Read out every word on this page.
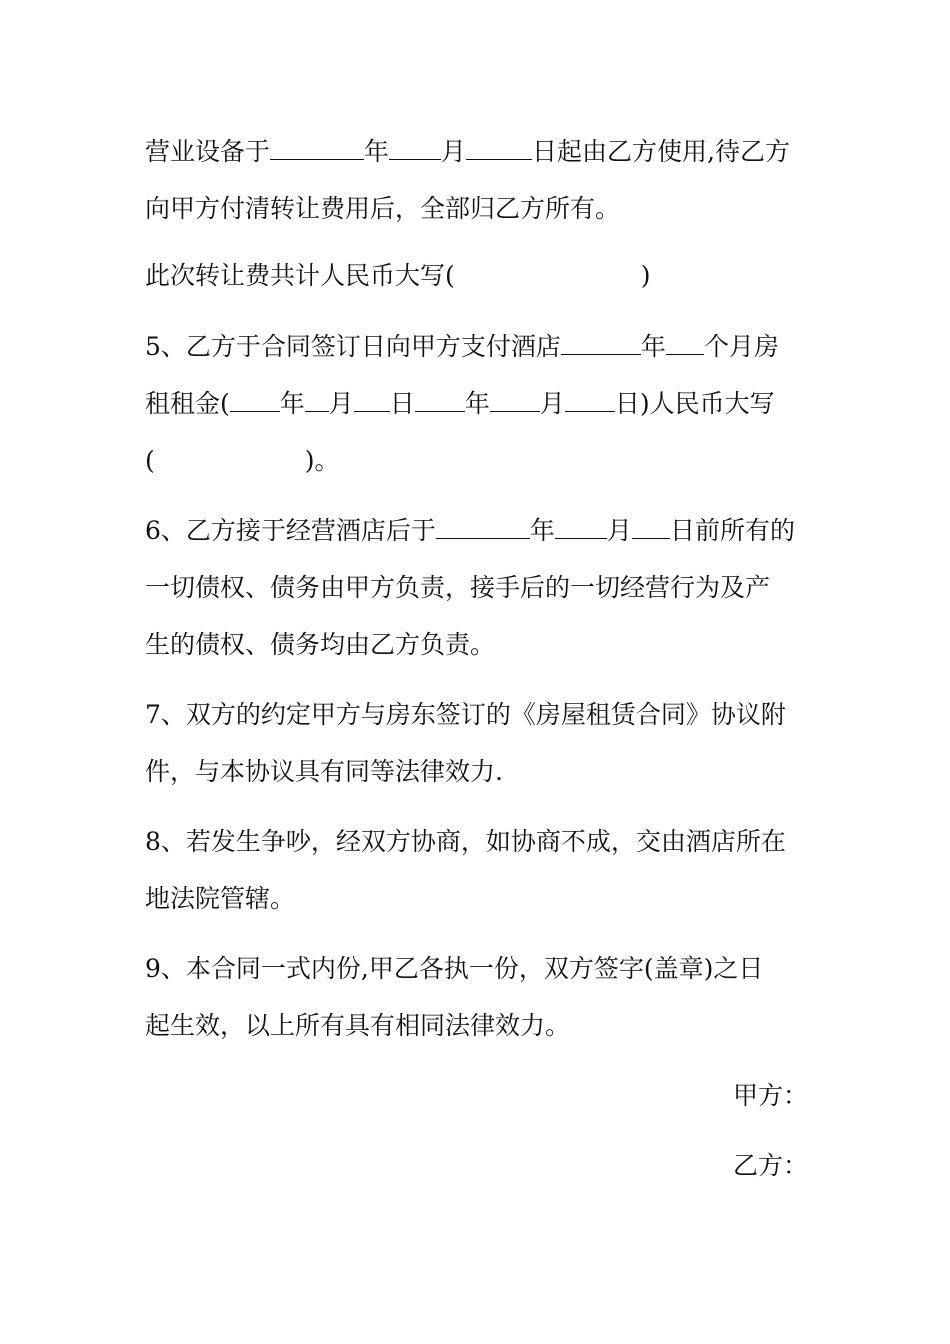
营业设备于	年 月	日起由乙方使用,待乙方
向甲方付清转让费用后，全部归乙方所有。
此次转让费共计人民币大写(	)
5、乙方于合同签订日向甲方支付酒店	年 个月房
租租金( 年 月 日 年 月 日)人民币大写
(	)。
6、乙方接于经营酒店后于	年 月 日前所有的
一切债权、债务由甲方负责，接手后的一切经营行为及产
生的债权、债务均由乙方负责。
7、双方的约定甲方与房东签订的《房屋租赁合同》协议附
件，与本协议具有同等法律效力.
8、若发生争吵，经双方协商，如协商不成，交由酒店所在
地法院管辖。
9、本合同一式内份,甲乙各执一份，双方签字(盖章)之日
起生效，以上所有具有相同法律效力。
甲方：
乙方：
